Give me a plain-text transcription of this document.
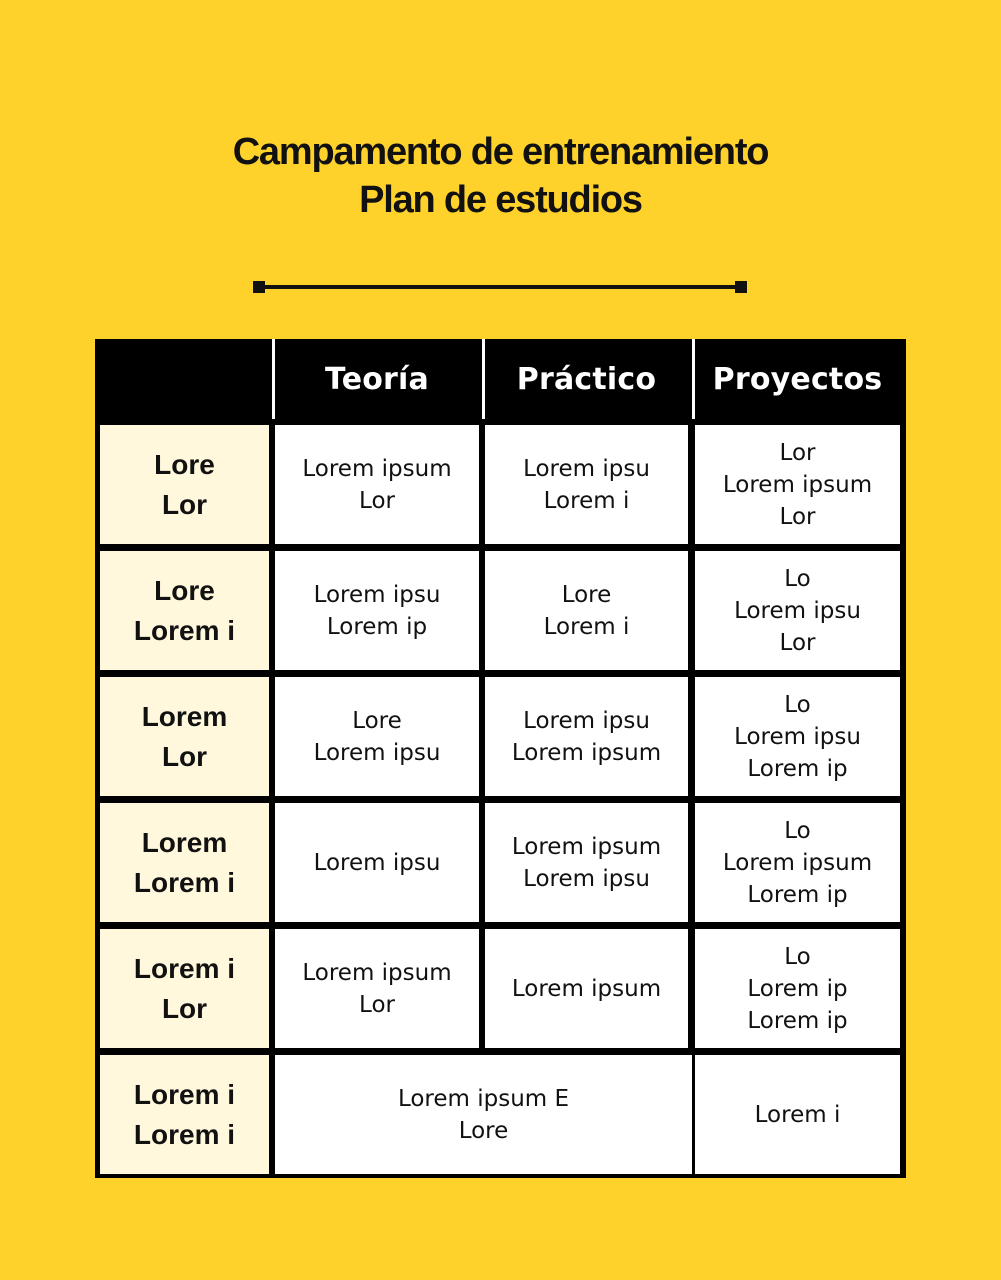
Campamento de entrenamiento
Plan de estudios
Teoría	Práctico	Proyectos
Lore
Lor
Lorem ipsum
Lor
Lorem ipsu
Lorem i
Lor
Lorem ipsum
Lor
Lore
Lorem i
Lorem ipsu
Lorem ip
Lore
Lorem i
Lo
Lorem ipsu
Lor
Lorem
Lor
Lore
Lorem ipsu
Lorem ipsu
Lorem ipsum
Lo
Lorem ipsu
Lorem ip
Lorem
Lorem i
Lorem ipsu
Lorem ipsum
Lorem ipsu
Lo
Lorem ipsum
Lorem ip
Lorem i
Lor
Lorem ipsum
Lor
Lorem ipsum
Lo
Lorem ip
Lorem ip
Lorem i
Lorem i
Lorem ipsum E
Lore
Lorem i
